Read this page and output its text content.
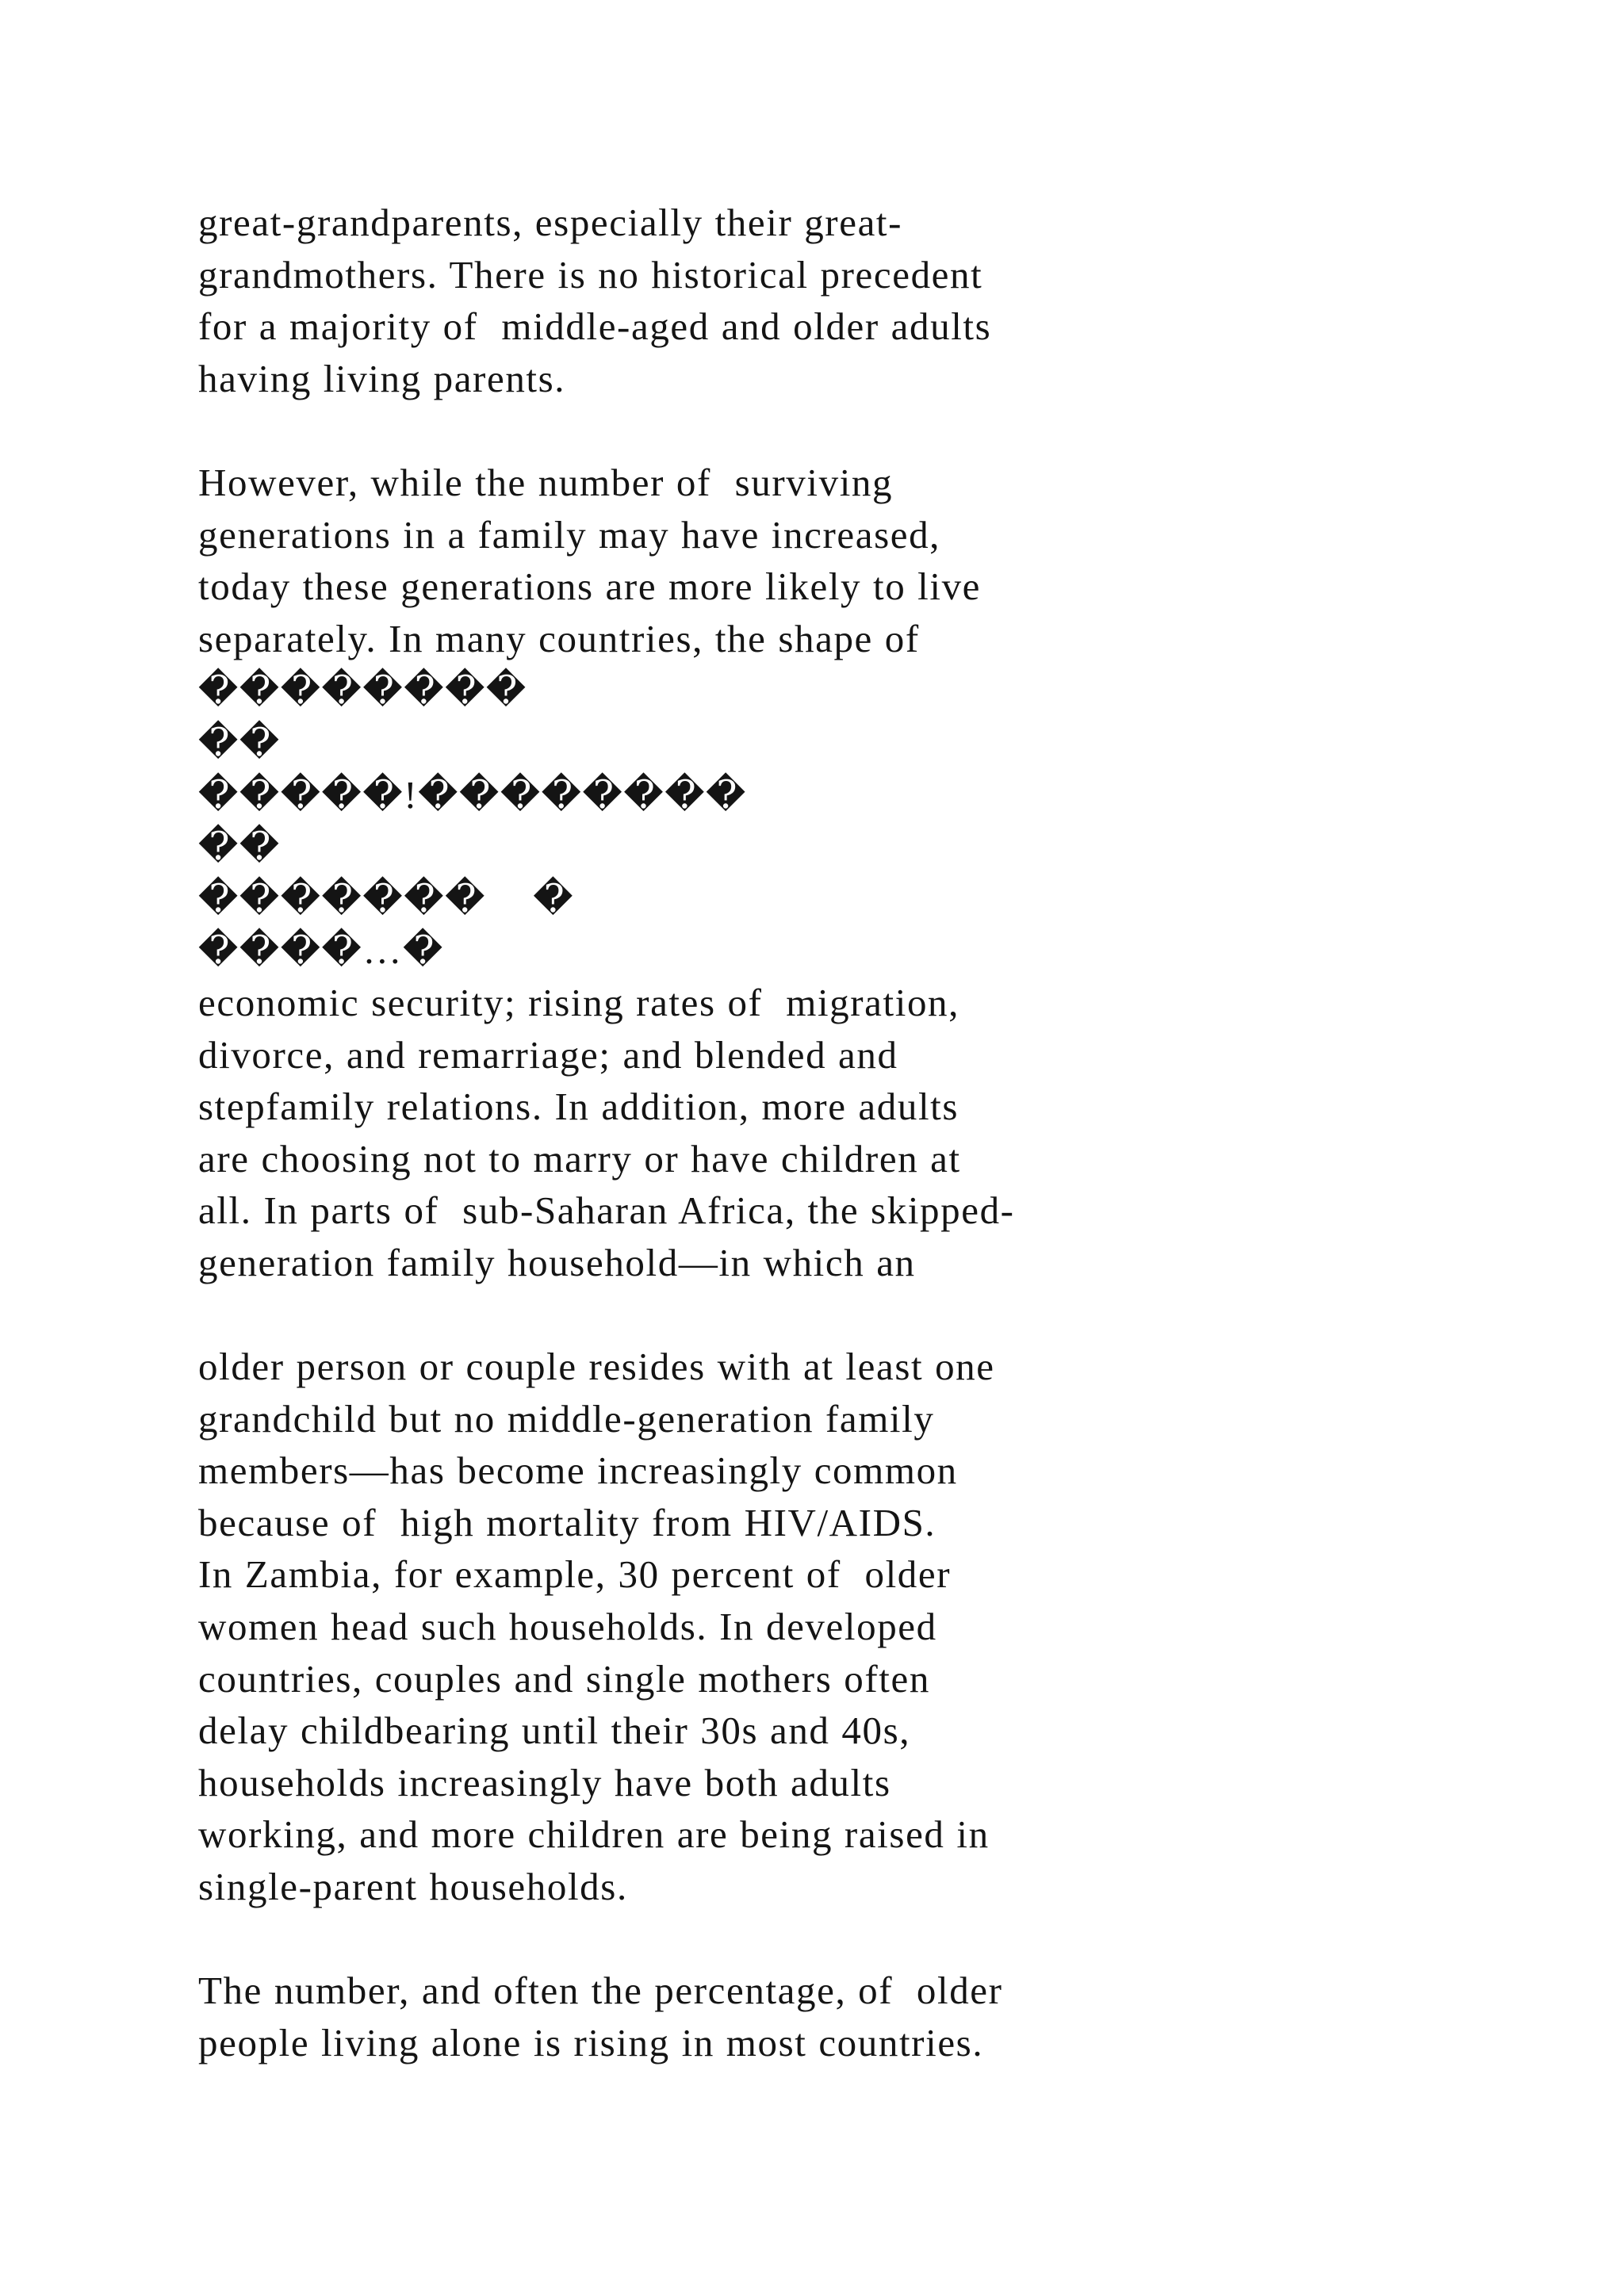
great-grandparents, especially their great-
grandmothers. There is no historical precedent
for a majority of  middle-aged and older adults
having living parents.
However, while the number of  surviving
generations in a family may have increased,
today these generations are more likely to live
separately. In many countries, the shape of
��������
��
�����!��������
��
�������    �
����…�
economic security; rising rates of  migration,
divorce, and remarriage; and blended and
stepfamily relations. In addition, more adults
are choosing not to marry or have children at
all. In parts of  sub-Saharan Africa, the skipped-
generation family household—in which an
older person or couple resides with at least one
grandchild but no middle-generation family
members—has become increasingly common
because of  high mortality from HIV/AIDS.
In Zambia, for example, 30 percent of  older
women head such households. In developed
countries, couples and single mothers often
delay childbearing until their 30s and 40s,
households increasingly have both adults
working, and more children are being raised in
single-parent households.
The number, and often the percentage, of  older
people living alone is rising in most countries.
